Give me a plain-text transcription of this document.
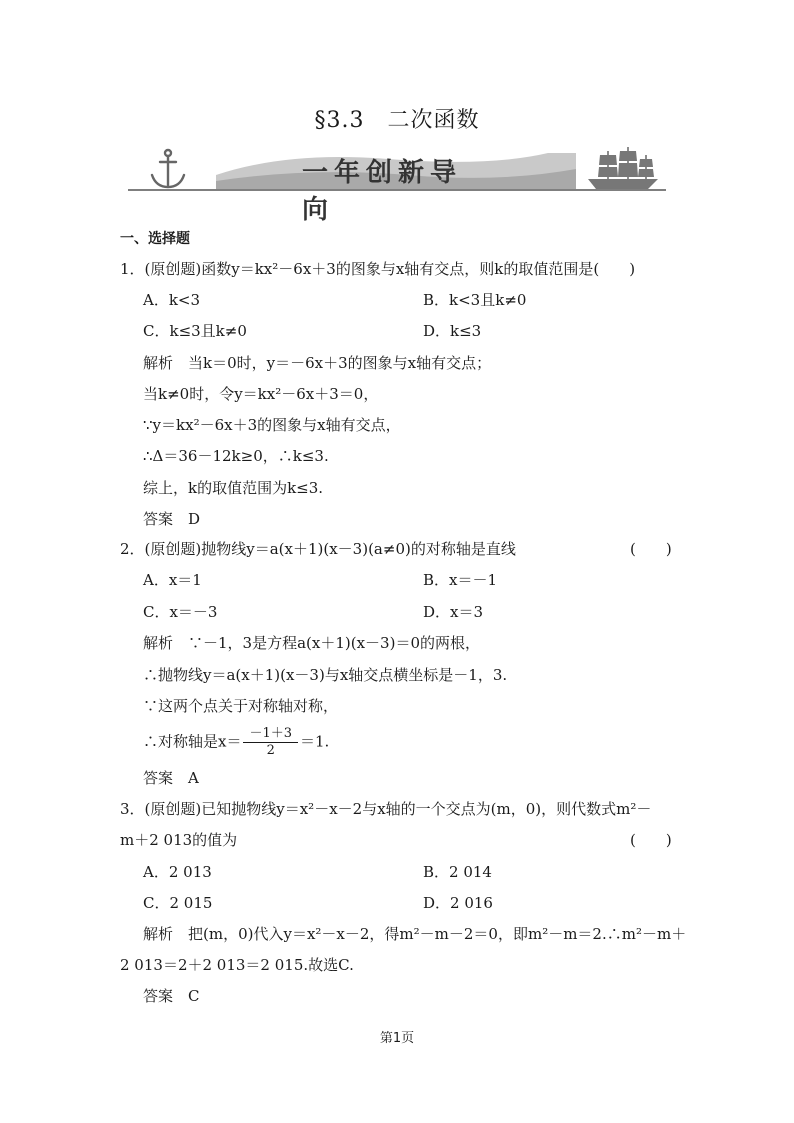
§3.3　二次函数
一年创新导向
一、选择题
1．(原创题)函数y＝kx²－6x＋3的图象与x轴有交点，则k的取值范围是(　　)
A．k<3	B．k<3且k≠0
C．k≤3且k≠0	D．k≤3
解析　当k＝0时，y＝－6x＋3的图象与x轴有交点；
当k≠0时，令y＝kx²－6x＋3＝0，
∵y＝kx²－6x＋3的图象与x轴有交点，
∴Δ＝36－12k≥0，∴k≤3.
综上，k的取值范围为k≤3.
答案　D
2．(原创题)抛物线y＝a(x＋1)(x－3)(a≠0)的对称轴是直线	(　　)
A．x＝1	B．x＝－1
C．x＝－3	D．x＝3
解析　∵－1，3是方程a(x＋1)(x－3)＝0的两根，
∴抛物线y＝a(x＋1)(x－3)与x轴交点横坐标是－1，3.
∵这两个点关于对称轴对称，
∴对称轴是$x= \frac{-1+3}{2} =1$.
答案　A
3．(原创题)已知抛物线y＝x²－x－2与x轴的一个交点为(m，0)，则代数式m²－
m＋2 013的值为	(　　)
A．2 013	B．2 014
C．2 015	D．2 016
解析　把(m，0)代入y＝x²－x－2，得m²－m－2＝0，即m²－m＝2.∴m²－m＋
2 013＝2＋2 013＝2 015.故选C.
答案　C
第1页
